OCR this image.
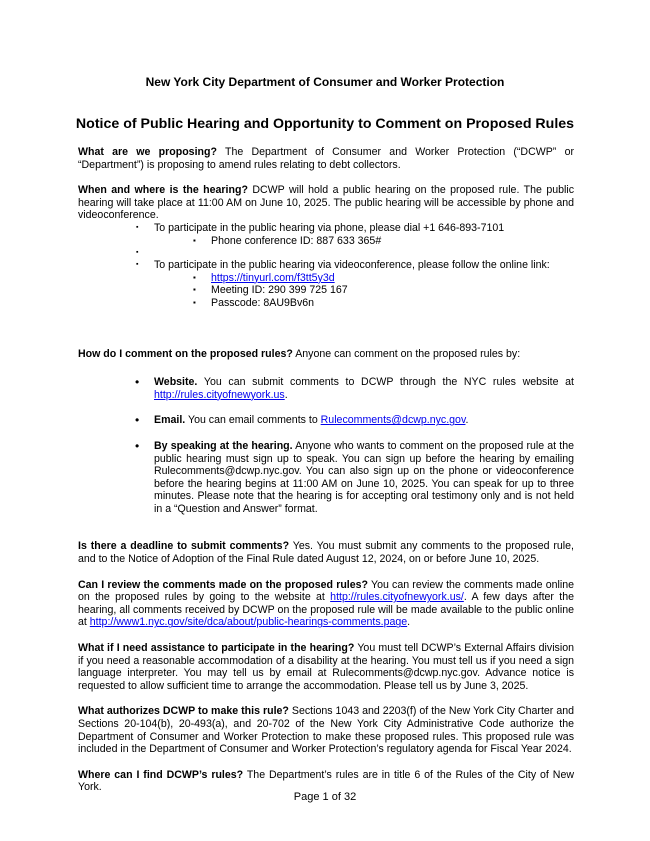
New York City Department of Consumer and Worker Protection
Notice of Public Hearing and Opportunity to Comment on Proposed Rules

What are we proposing? The Department of Consumer and Worker Protection (“DCWP” or “Department”) is proposing to amend rules relating to debt collectors.

When and where is the hearing? DCWP will hold a public hearing on the proposed rule. The public hearing will take place at 11:00 AM on June 10, 2025. The public hearing will be accessible by phone and videoconference.

▪ To participate in the public hearing via phone, please dial +1 646-893-7101
▪ Phone conference ID: 887 633 365#
▪
▪ To participate in the public hearing via videoconference, please follow the online link:
▪ https://tinyurl.com/f3tt5y3d
▪ Meeting ID: 290 399 725 167
▪ Passcode: 8AU9Bv6n

How do I comment on the proposed rules? Anyone can comment on the proposed rules by:

• Website. You can submit comments to DCWP through the NYC rules website at http://rules.cityofnewyork.us.
• Email. You can email comments to Rulecomments@dcwp.nyc.gov.
• By speaking at the hearing. Anyone who wants to comment on the proposed rule at the public hearing must sign up to speak. You can sign up before the hearing by emailing Rulecomments@dcwp.nyc.gov. You can also sign up on the phone or videoconference before the hearing begins at 11:00 AM on June 10, 2025. You can speak for up to three minutes. Please note that the hearing is for accepting oral testimony only and is not held in a “Question and Answer” format.

Is there a deadline to submit comments? Yes. You must submit any comments to the proposed rule, and to the Notice of Adoption of the Final Rule dated August 12, 2024, on or before June 10, 2025.

Can I review the comments made on the proposed rules? You can review the comments made online on the proposed rules by going to the website at http://rules.cityofnewyork.us/. A few days after the hearing, all comments received by DCWP on the proposed rule will be made available to the public online at http://www1.nyc.gov/site/dca/about/public-hearings-comments.page.

What if I need assistance to participate in the hearing? You must tell DCWP’s External Affairs division if you need a reasonable accommodation of a disability at the hearing. You must tell us if you need a sign language interpreter. You may tell us by email at Rulecomments@dcwp.nyc.gov. Advance notice is requested to allow sufficient time to arrange the accommodation. Please tell us by June 3, 2025.

What authorizes DCWP to make this rule? Sections 1043 and 2203(f) of the New York City Charter and Sections 20-104(b), 20-493(a), and 20-702 of the New York City Administrative Code authorize the Department of Consumer and Worker Protection to make these proposed rules. This proposed rule was included in the Department of Consumer and Worker Protection’s regulatory agenda for Fiscal Year 2024.

Where can I find DCWP’s rules? The Department’s rules are in title 6 of the Rules of the City of New York.

Page 1 of 32
